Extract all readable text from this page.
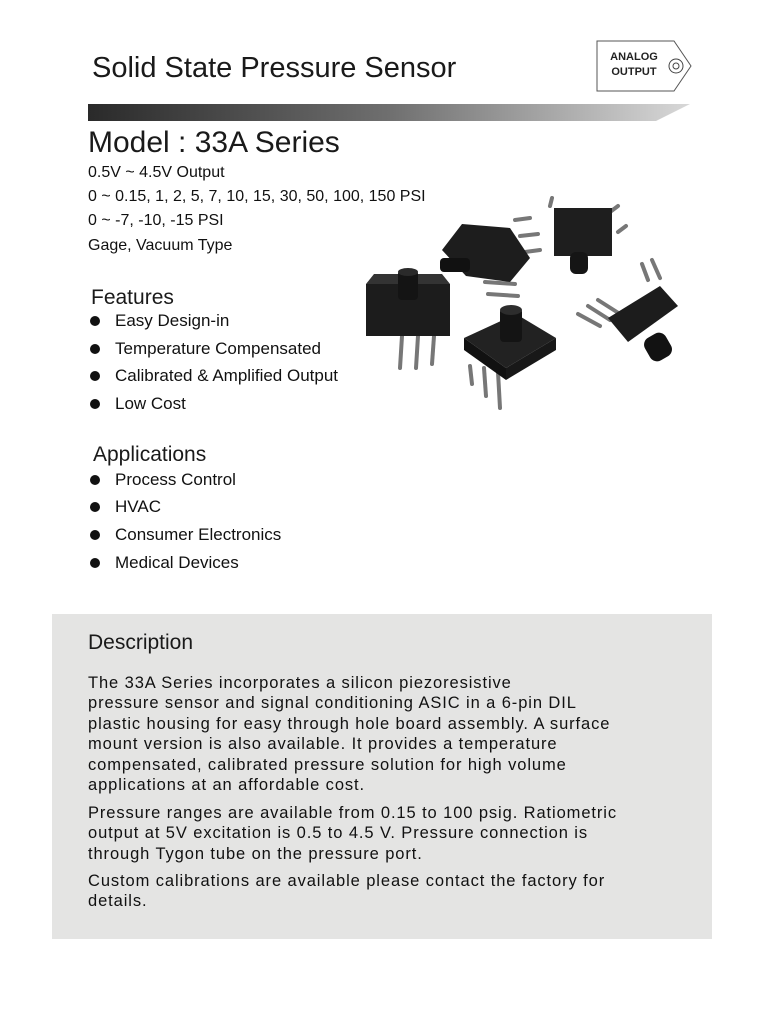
Solid State Pressure Sensor	ANALOG
OUTPUT
Model : 33A Series
0.5V ~ 4.5V Output
0 ~ 0.15, 1, 2, 5, 7, 10, 15, 30, 50, 100, 150 PSI
0 ~ -7, -10, -15 PSI
Gage, Vacuum Type
Features
Easy Design-in
Temperature Compensated
Calibrated & Amplified Output
Low Cost
Applications
Process Control
HVAC
Consumer Electronics
Medical Devices
Description
The 33A Series incorporates a silicon piezoresistive
pressure sensor and signal conditioning ASIC in a 6-pin DIL
plastic housing for easy through hole board assembly. A surface
mount version is also available. It provides a temperature
compensated, calibrated pressure solution for high volume
applications at an affordable cost.
Pressure ranges are available from 0.15 to 100 psig. Ratiometric
output at 5V excitation is 0.5 to 4.5 V. Pressure connection is
through Tygon tube on the pressure port.
Custom calibrations are available please contact the factory for
details.
